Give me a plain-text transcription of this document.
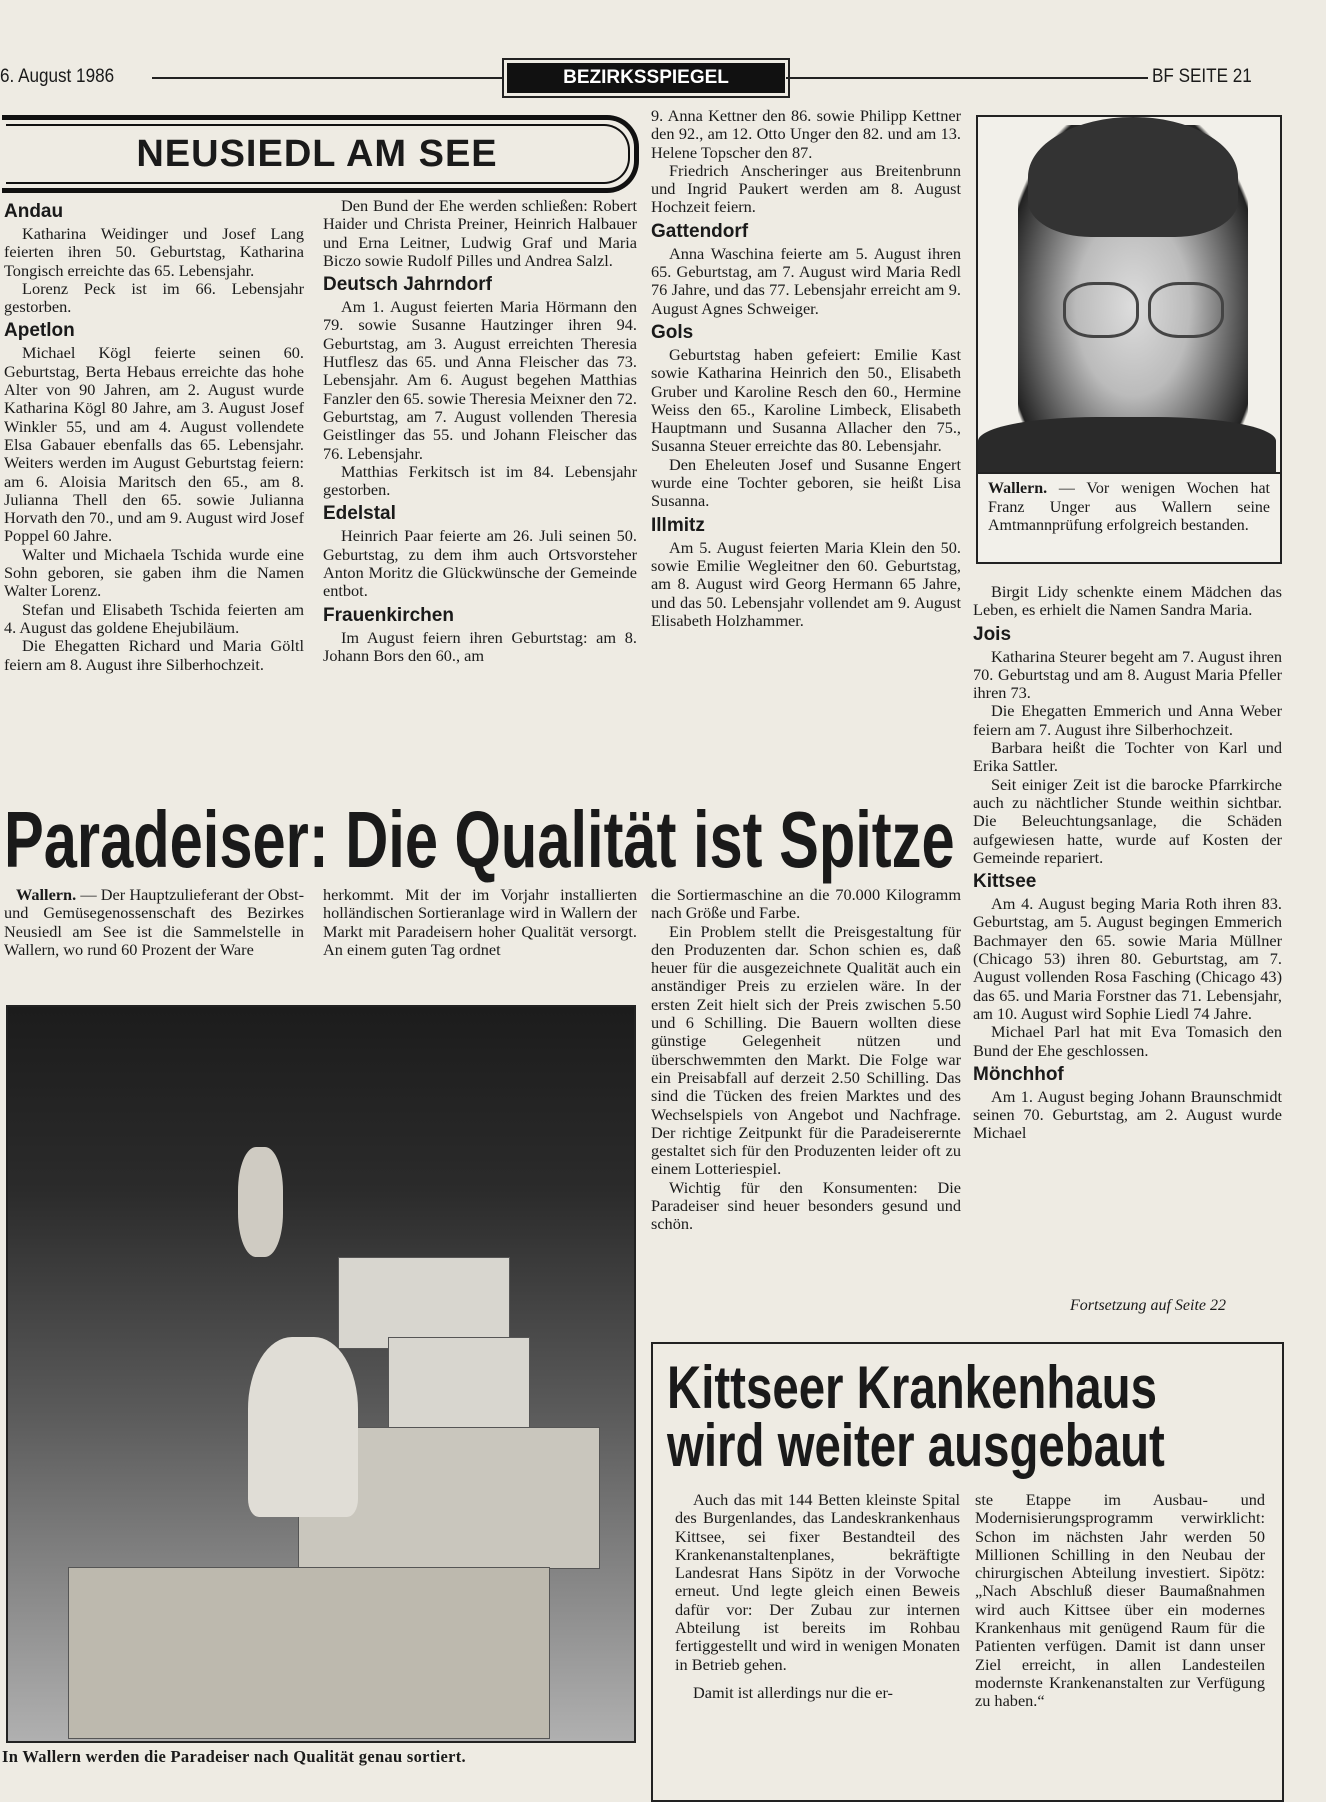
6. August 1986	BEZIRKSSPIEGEL	BF SEITE 21
NEUSIEDL AM SEE
Andau

Katharina Weidinger und Josef Lang feierten ihren 50. Geburtstag, Katharina Tongisch erreichte das 65. Lebensjahr.

Lorenz Peck ist im 66. Lebensjahr gestorben.

Apetlon

Michael Kögl feierte seinen 60. Geburtstag, Berta Hebaus erreichte das hohe Alter von 90 Jahren, am 2. August wurde Katharina Kögl 80 Jahre, am 3. August Josef Winkler 55, und am 4. August vollendete Elsa Gabauer ebenfalls das 65. Lebensjahr. Weiters werden im August Geburtstag feiern: am 6. Aloisia Maritsch den 65., am 8. Julianna Thell den 65. sowie Julianna Horvath den 70., und am 9. August wird Josef Poppel 60 Jahre.

Walter und Michaela Tschida wurde eine Sohn geboren, sie gaben ihm die Namen Walter Lorenz.

Stefan und Elisabeth Tschida feierten am 4. August das goldene Ehejubiläum.

Die Ehegatten Richard und Maria Göltl feiern am 8. August ihre Silberhochzeit.

Den Bund der Ehe werden schließen: Robert Haider und Christa Preiner, Heinrich Halbauer und Erna Leitner, Ludwig Graf und Maria Biczo sowie Rudolf Pilles und Andrea Salzl.

Deutsch Jahrndorf

Am 1. August feierten Maria Hörmann den 79. sowie Susanne Hautzinger ihren 94. Geburtstag, am 3. August erreichten Theresia Hutflesz das 65. und Anna Fleischer das 73. Lebensjahr. Am 6. August begehen Matthias Fanzler den 65. sowie Theresia Meixner den 72. Geburtstag, am 7. August vollenden Theresia Geistlinger das 55. und Johann Fleischer das 76. Lebensjahr.

Matthias Ferkitsch ist im 84. Lebensjahr gestorben.

Edelstal

Heinrich Paar feierte am 26. Juli seinen 50. Geburtstag, zu dem ihm auch Ortsvorsteher Anton Moritz die Glückwünsche der Gemeinde entbot.

Frauenkirchen

Im August feiern ihren Geburtstag: am 8. Johann Bors den 60., am

9. Anna Kettner den 86. sowie Philipp Kettner den 92., am 12. Otto Unger den 82. und am 13. Helene Topscher den 87.

Friedrich Anscheringer aus Breitenbrunn und Ingrid Paukert werden am 8. August Hochzeit feiern.

Gattendorf

Anna Waschina feierte am 5. August ihren 65. Geburtstag, am 7. August wird Maria Redl 76 Jahre, und das 77. Lebensjahr erreicht am 9. August Agnes Schweiger.

Gols

Geburtstag haben gefeiert: Emilie Kast sowie Katharina Heinrich den 50., Elisabeth Gruber und Karoline Resch den 60., Hermine Weiss den 65., Karoline Limbeck, Elisabeth Hauptmann und Susanna Allacher den 75., Susanna Steuer erreichte das 80. Lebensjahr.

Den Eheleuten Josef und Susanne Engert wurde eine Tochter geboren, sie heißt Lisa Susanna.

Illmitz

Am 5. August feierten Maria Klein den 50. sowie Emilie Wegleitner den 60. Geburtstag, am 8. August wird Georg Hermann 65 Jahre, und das 50. Lebensjahr vollendet am 9. August Elisabeth Holzhammer.

Birgit Lidy schenkte einem Mädchen das Leben, es erhielt die Namen Sandra Maria.

Jois

Katharina Steurer begeht am 7. August ihren 70. Geburtstag und am 8. August Maria Pfeller ihren 73.

Die Ehegatten Emmerich und Anna Weber feiern am 7. August ihre Silberhochzeit.

Barbara heißt die Tochter von Karl und Erika Sattler.

Seit einiger Zeit ist die barocke Pfarrkirche auch zu nächtlicher Stunde weithin sichtbar. Die Beleuchtungsanlage, die Schäden aufgewiesen hatte, wurde auf Kosten der Gemeinde repariert.

Kittsee

Am 4. August beging Maria Roth ihren 83. Geburtstag, am 5. August begingen Emmerich Bachmayer den 65. sowie Maria Müllner (Chicago 53) ihren 80. Geburtstag, am 7. August vollenden Rosa Fasching (Chicago 43) das 65. und Maria Forstner das 71. Lebensjahr, am 10. August wird Sophie Liedl 74 Jahre.

Michael Parl hat mit Eva Tomasich den Bund der Ehe geschlossen.

Mönchhof

Am 1. August beging Johann Braunschmidt seinen 70. Geburtstag, am 2. August wurde Michael

Fortsetzung auf Seite 22
Wallern. — Vor wenigen Wochen hat Franz Unger aus Wallern seine Amtmannprüfung erfolgreich bestanden.
Paradeiser: Die Qualität ist Spitze

Wallern. — Der Hauptzulieferant der Obst- und Gemüsegenossenschaft des Bezirkes Neusiedl am See ist die Sammelstelle in Wallern, wo rund 60 Prozent der Ware

herkommt. Mit der im Vorjahr installierten holländischen Sortieranlage wird in Wallern der Markt mit Paradeisern hoher Qualität versorgt. An einem guten Tag ordnet

die Sortiermaschine an die 70.000 Kilogramm nach Größe und Farbe.

Ein Problem stellt die Preisgestaltung für den Produzenten dar. Schon schien es, daß heuer für die ausgezeichnete Qualität auch ein anständiger Preis zu erzielen wäre. In der ersten Zeit hielt sich der Preis zwischen 5.50 und 6 Schilling. Die Bauern wollten diese günstige Gelegenheit nützen und überschwemmten den Markt. Die Folge war ein Preisabfall auf derzeit 2.50 Schilling. Das sind die Tücken des freien Marktes und des Wechselspiels von Angebot und Nachfrage. Der richtige Zeitpunkt für die Paradeiserernte gestaltet sich für den Produzenten leider oft zu einem Lotteriespiel.

Wichtig für den Konsumenten: Die Paradeiser sind heuer besonders gesund und schön.

In Wallern werden die Paradeiser nach Qualität genau sortiert.
Kittseer Krankenhaus
wird weiter ausgebaut

Auch das mit 144 Betten kleinste Spital des Burgenlandes, das Landeskrankenhaus Kittsee, sei fixer Bestandteil des Krankenanstaltenplanes, bekräftigte Landesrat Hans Sipötz in der Vorwoche erneut. Und legte gleich einen Beweis dafür vor: Der Zubau zur internen Abteilung ist bereits im Rohbau fertiggestellt und wird in wenigen Monaten in Betrieb gehen.

Damit ist allerdings nur die er-

ste Etappe im Ausbau- und Modernisierungsprogramm verwirklicht: Schon im nächsten Jahr werden 50 Millionen Schilling in den Neubau der chirurgischen Abteilung investiert. Sipötz: „Nach Abschluß dieser Baumaßnahmen wird auch Kittsee über ein modernes Krankenhaus mit genügend Raum für die Patienten verfügen. Damit ist dann unser Ziel erreicht, in allen Landesteilen modernste Krankenanstalten zur Verfügung zu haben.“
